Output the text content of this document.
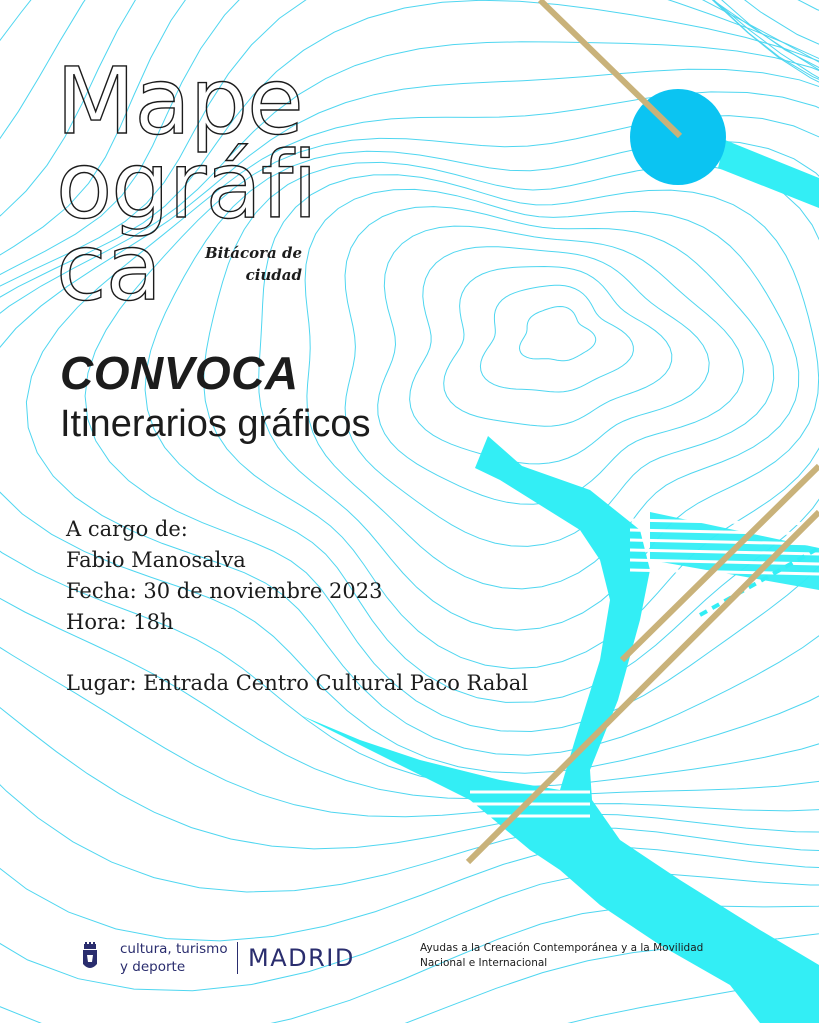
Mape
ográfi
ca	Bitácora de
ciudad
CONVOCA
Itinerarios gráficos
A cargo de:
Fabio Manosalva
Fecha: 30 de noviembre 2023
Hora: 18h
Lugar: Entrada Centro Cultural Paco Rabal
cultura, turismo
y deporte	MADRID	Ayudas a la Creación Contemporánea y a la Movilidad
Nacional e Internacional
